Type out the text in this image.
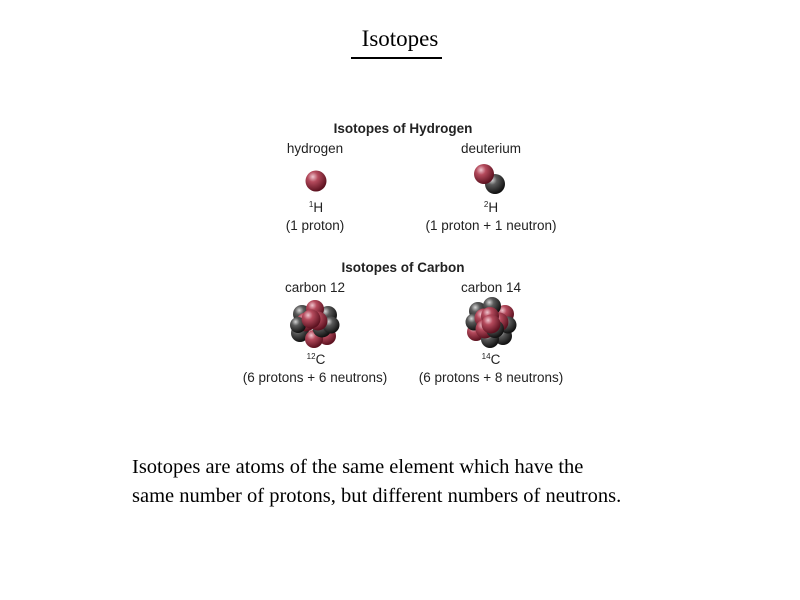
Isotopes
Isotopes of Hydrogen
hydrogen	deuterium
$^1$H	$^2$H
(1 proton)	(1 proton + 1 neutron)
Isotopes of Carbon
carbon 12	carbon 14
$^{12}$C	$^{14}$C
(6 protons + 6 neutrons) (6 protons + 8 neutrons)
Isotopes are atoms of the same element which have the
same number of protons, but different numbers of neutrons.
